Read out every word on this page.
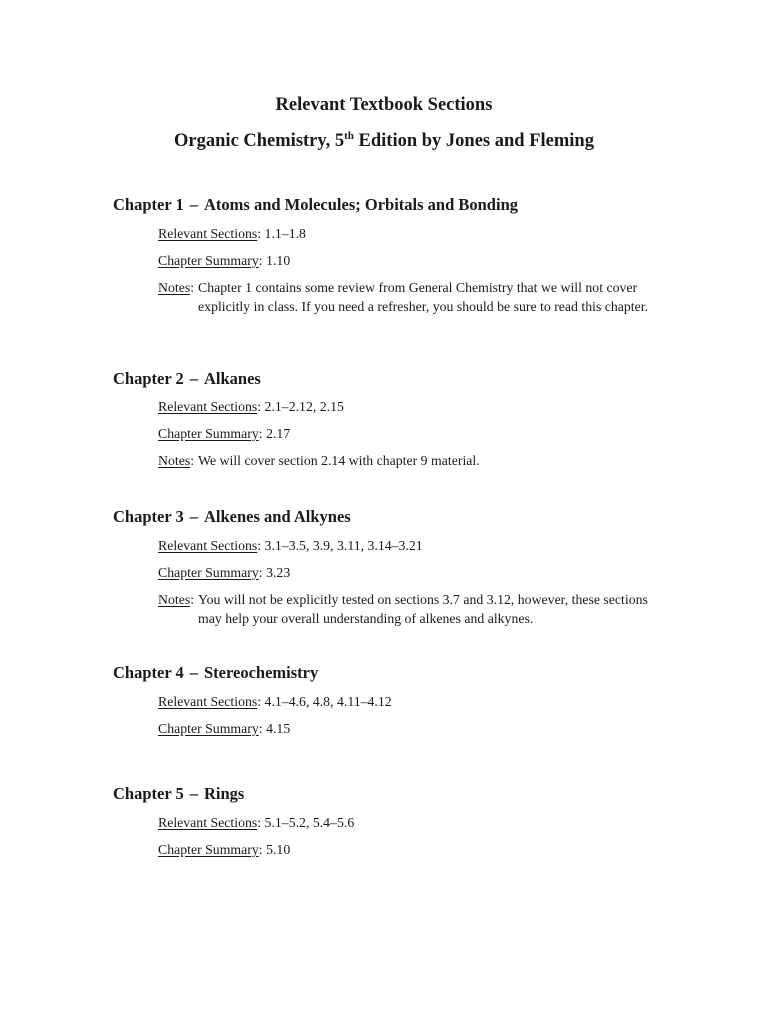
Relevant Textbook Sections
Organic Chemistry, 5th Edition by Jones and Fleming
Chapter 1 – Atoms and Molecules; Orbitals and Bonding
Relevant Sections: 1.1–1.8
Chapter Summary: 1.10
Notes: Chapter 1 contains some review from General Chemistry that we will not cover explicitly in class. If you need a refresher, you should be sure to read this chapter.
Chapter 2 – Alkanes
Relevant Sections: 2.1–2.12, 2.15
Chapter Summary: 2.17
Notes: We will cover section 2.14 with chapter 9 material.
Chapter 3 – Alkenes and Alkynes
Relevant Sections: 3.1–3.5, 3.9, 3.11, 3.14–3.21
Chapter Summary: 3.23
Notes: You will not be explicitly tested on sections 3.7 and 3.12, however, these sections may help your overall understanding of alkenes and alkynes.
Chapter 4 – Stereochemistry
Relevant Sections: 4.1–4.6, 4.8, 4.11–4.12
Chapter Summary: 4.15
Chapter 5 – Rings
Relevant Sections: 5.1–5.2, 5.4–5.6
Chapter Summary: 5.10
